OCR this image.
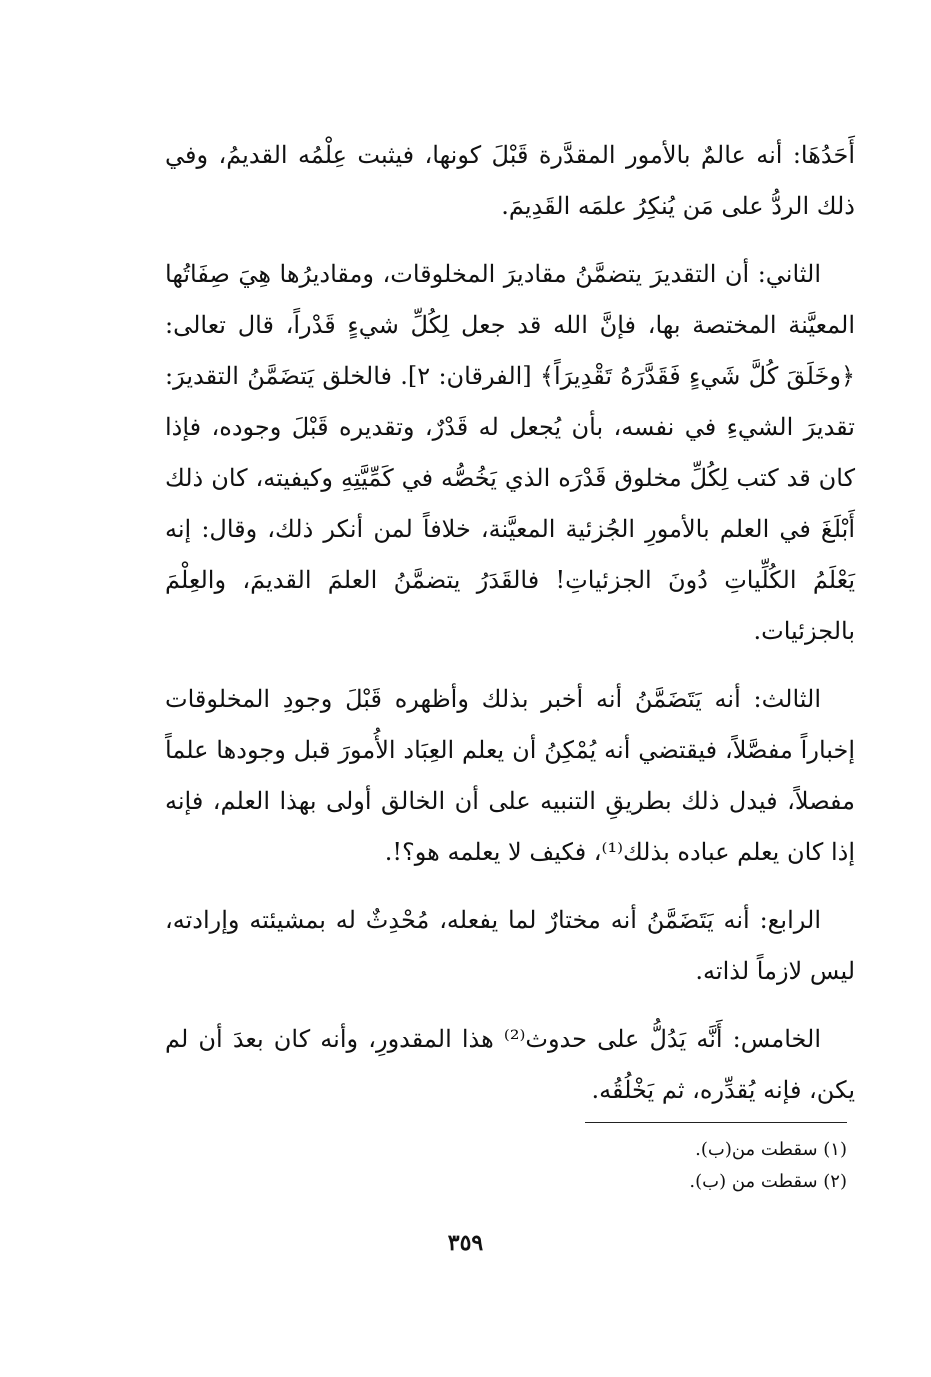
أَحَدُهَا: أنه عالمٌ بالأمور المقدَّرة قَبْلَ كونها، فيثبت عِلْمُه القديمُ، وفي ذلك الردُّ على مَن يُنكِرُ علمَه القَدِيمَ.

الثاني: أن التقديرَ يتضمَّنُ مقاديرَ المخلوقات، ومقاديرُها هِيَ صِفَاتُها المعيَّنة المختصة بها، فإنَّ الله قد جعل لِكُلِّ شيءٍ قَدْراً، قال تعالى: ﴿وخَلَقَ كُلَّ شَيءٍ فَقَدَّرَهُ تَقْدِيرَاً﴾ [الفرقان: ٢]. فالخلق يَتضَمَّنُ التقديرَ: تقديرَ الشيءِ في نفسه، بأن يُجعل له قَدْرٌ، وتقديره قَبْلَ وجوده، فإذا كان قد كتب لِكُلِّ مخلوق قَدْرَه الذي يَخُصُّه في كَمِّيَّتِهِ وكيفيته، كان ذلك أَبْلَغَ في العلم بالأمورِ الجُزئية المعيَّنة، خلافاً لمن أنكر ذلك، وقال: إنه يَعْلَمُ الكُلِّياتِ دُونَ الجزئياتِ! فالقَدَرُ يتضمَّنُ العلمَ القديمَ، والعِلْمَ بالجزئيات.

الثالث: أنه يَتَضَمَّنُ أنه أخبر بذلك وأظهره قَبْلَ وجودِ المخلوقات إخباراً مفصَّلاً، فيقتضي أنه يُمْكِنُ أن يعلم العِبَاد الأُمورَ قبل وجودها علماً مفصلاً، فيدل ذلك بطريقِ التنبيه على أن الخالق أولى بهذا العلم، فإنه إذا كان يعلم عباده بذلك⁽¹⁾، فكيف لا يعلمه هو؟!.

الرابع: أنه يَتَضَمَّنُ أنه مختارٌ لما يفعله، مُحْدِثٌ له بمشيئته وإرادته، ليس لازماً لذاته.

الخامس: أَنَّه يَدُلُّ على حدوث⁽²⁾ هذا المقدورِ، وأنه كان بعدَ أن لم يكن، فإنه يُقدِّره، ثم يَخْلُقُه.

(١) سقطت من(ب).

(٢) سقطت من (ب).

٣٥٩
